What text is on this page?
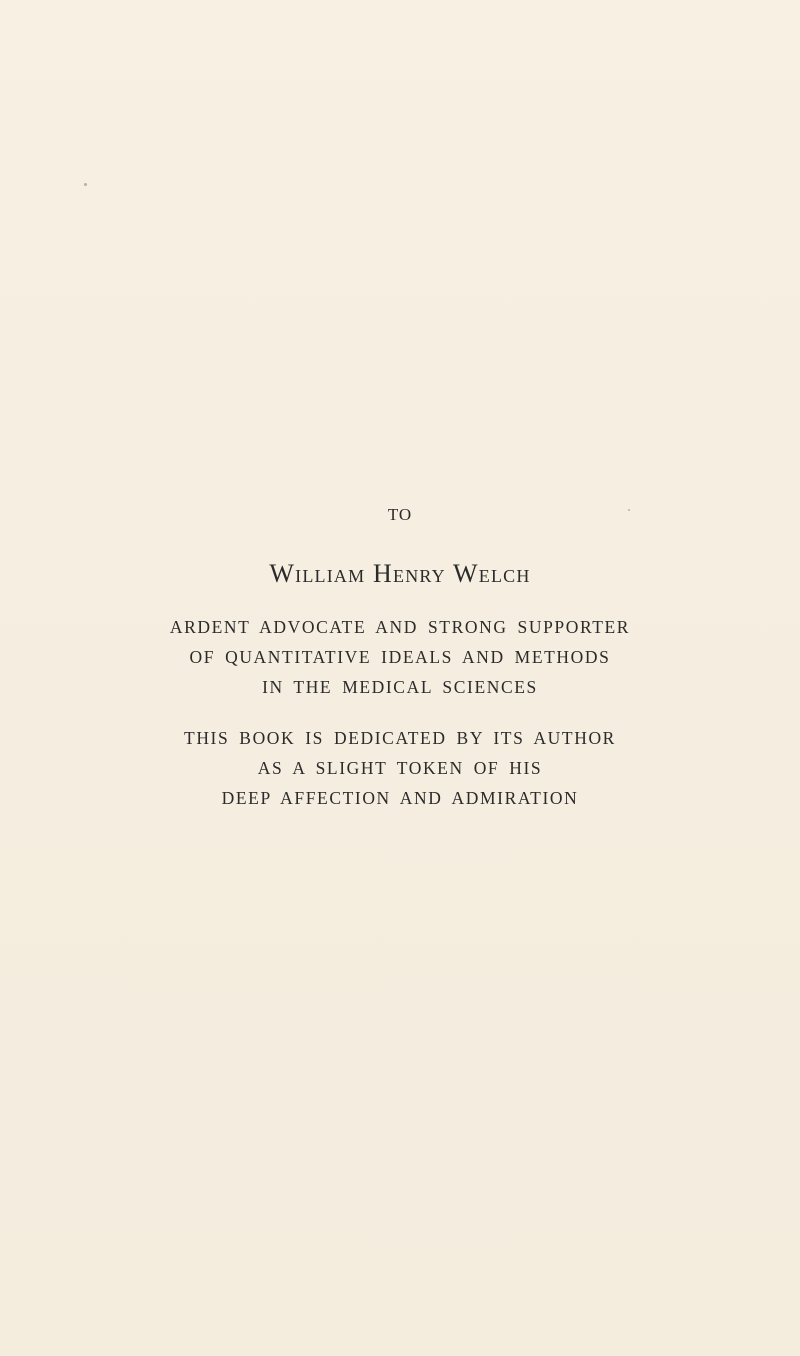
TO
William Henry Welch
ARDENT ADVOCATE AND STRONG SUPPORTER
OF QUANTITATIVE IDEALS AND METHODS
IN THE MEDICAL SCIENCES
THIS BOOK IS DEDICATED BY ITS AUTHOR
AS A SLIGHT TOKEN OF HIS
DEEP AFFECTION AND ADMIRATION
